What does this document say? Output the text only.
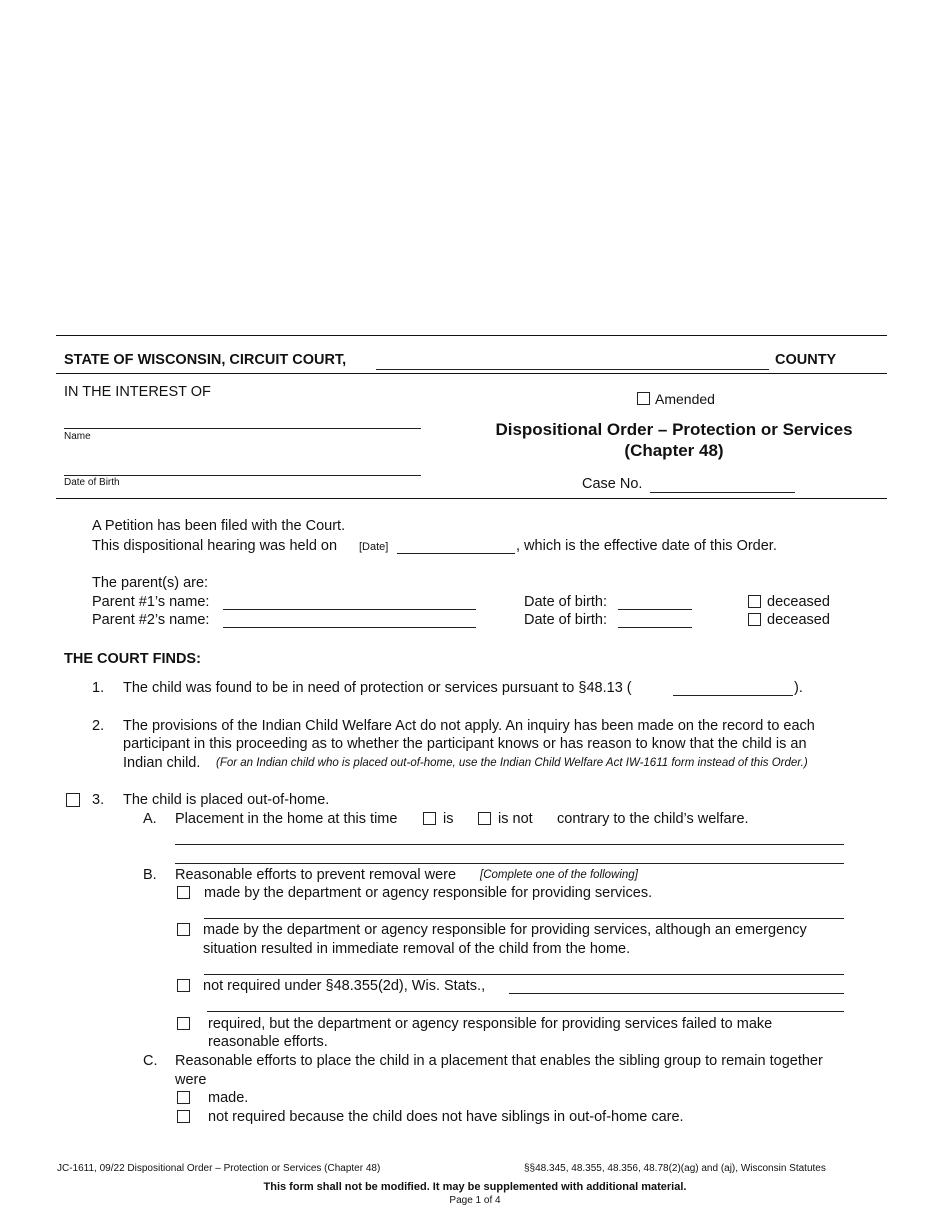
STATE OF WISCONSIN, CIRCUIT COURT,	COUNTY
IN THE INTEREST OF
Name
Date of Birth
Amended
Dispositional Order – Protection or Services
(Chapter 48)
Case No.
A Petition has been filed with the Court.
This dispositional hearing was held on [Date]	, which is the effective date of this Order.
The parent(s) are:
Parent #1’s name:	Date of birth:	deceased
Parent #2’s name:	Date of birth:	deceased
THE COURT FINDS:
1. The child was found to be in need of protection or services pursuant to §48.13 (	).
2. The provisions of the Indian Child Welfare Act do not apply. An inquiry has been made on the record to each
participant in this proceeding as to whether the participant knows or has reason to know that the child is an
Indian child. (For an Indian child who is placed out-of-home, use the Indian Child Welfare Act IW-1611 form instead of this Order.)
3. The child is placed out-of-home.
A. Placement in the home at this time	is	is not contrary to the child’s welfare.
B. Reasonable efforts to prevent removal were [Complete one of the following]
made by the department or agency responsible for providing services.
made by the department or agency responsible for providing services, although an emergency
situation resulted in immediate removal of the child from the home.
not required under §48.355(2d), Wis. Stats.,
required, but the department or agency responsible for providing services failed to make
reasonable efforts.
C. Reasonable efforts to place the child in a placement that enables the sibling group to remain together
were
made.
not required because the child does not have siblings in out-of-home care.
JC-1611, 09/22 Dispositional Order – Protection or Services (Chapter 48)	§§48.345, 48.355, 48.356, 48.78(2)(ag) and (aj), Wisconsin Statutes
This form shall not be modified. It may be supplemented with additional material.
Page 1 of 4
